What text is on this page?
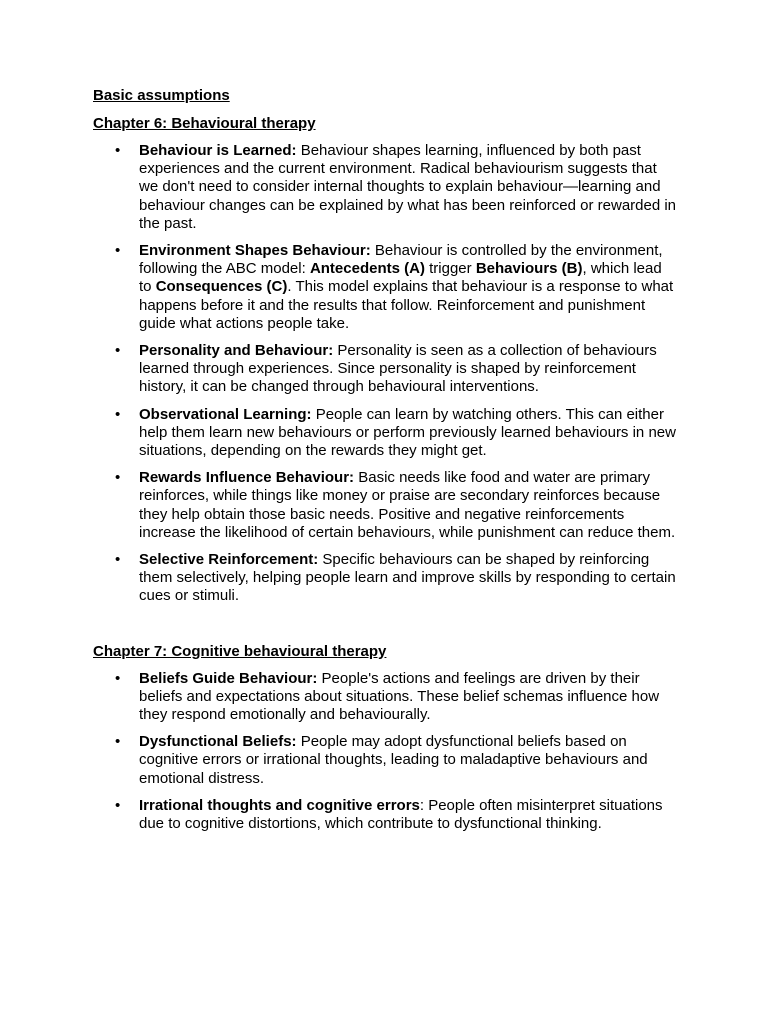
Basic assumptions

Chapter 6: Behavioural therapy

• Behaviour is Learned: Behaviour shapes learning, influenced by both past experiences and the current environment. Radical behaviourism suggests that we don't need to consider internal thoughts to explain behaviour—learning and behaviour changes can be explained by what has been reinforced or rewarded in the past.
• Environment Shapes Behaviour: Behaviour is controlled by the environment, following the ABC model: Antecedents (A) trigger Behaviours (B), which lead to Consequences (C). This model explains that behaviour is a response to what happens before it and the results that follow. Reinforcement and punishment guide what actions people take.
• Personality and Behaviour: Personality is seen as a collection of behaviours learned through experiences. Since personality is shaped by reinforcement history, it can be changed through behavioural interventions.
• Observational Learning: People can learn by watching others. This can either help them learn new behaviours or perform previously learned behaviours in new situations, depending on the rewards they might get.
• Rewards Influence Behaviour: Basic needs like food and water are primary reinforces, while things like money or praise are secondary reinforces because they help obtain those basic needs. Positive and negative reinforcements increase the likelihood of certain behaviours, while punishment can reduce them.
• Selective Reinforcement: Specific behaviours can be shaped by reinforcing them selectively, helping people learn and improve skills by responding to certain cues or stimuli.

Chapter 7: Cognitive behavioural therapy

• Beliefs Guide Behaviour: People's actions and feelings are driven by their beliefs and expectations about situations. These belief schemas influence how they respond emotionally and behaviourally.
• Dysfunctional Beliefs: People may adopt dysfunctional beliefs based on cognitive errors or irrational thoughts, leading to maladaptive behaviours and emotional distress.
• Irrational thoughts and cognitive errors: People often misinterpret situations due to cognitive distortions, which contribute to dysfunctional thinking.
